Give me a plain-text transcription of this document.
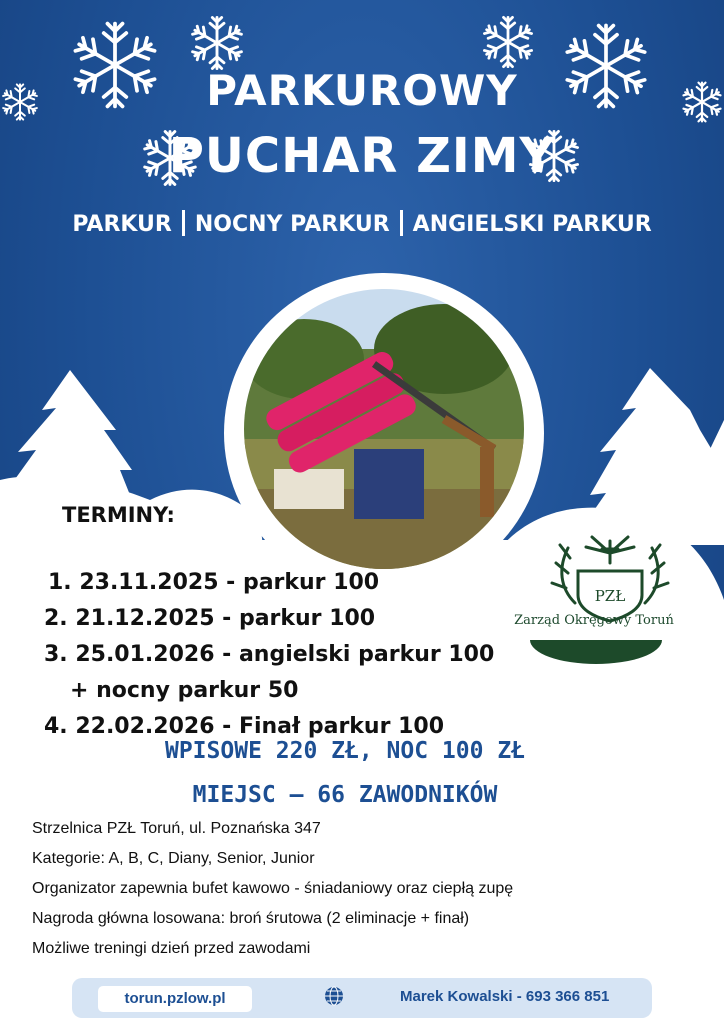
PARKUROWY
PUCHAR ZIMY
PARKUR NOCNY PARKUR ANGIELSKI PARKUR
TERMINY:
1. 23.11.2025 - parkur 100
2. 21.12.2025 - parkur 100
3. 25.01.2026 - angielski parkur 100
+ nocny parkur 50
4. 22.02.2026 - Finał parkur 100
PZŁ
Zarząd Okręgowy Toruń
WPISOWE 220 ZŁ, NOC 100 ZŁ
MIEJSC – 66 ZAWODNIKÓW
Strzelnica PZŁ Toruń, ul. Poznańska 347
Kategorie: A, B, C, Diany, Senior, Junior
Organizator zapewnia bufet kawowo - śniadaniowy oraz ciepłą zupę
Nagroda główna losowana: broń śrutowa (2 eliminacje + finał)
Możliwe treningi dzień przed zawodami
torun.pzlow.pl	Marek Kowalski - 693 366 851
